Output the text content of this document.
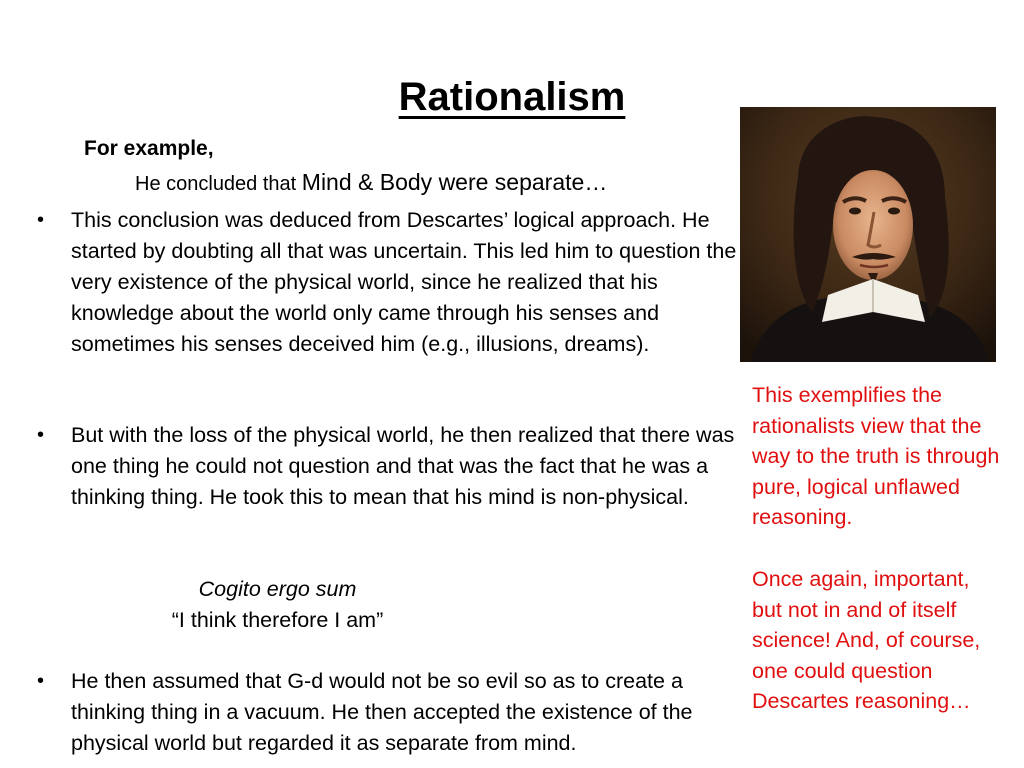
Rationalism
For example,
He concluded that Mind & Body were separate…
• This conclusion was deduced from Descartes’ logical approach. He started by doubting all that was uncertain. This led him to question the very existence of the physical world, since he realized that his knowledge about the world only came through his senses and sometimes his senses deceived him (e.g., illusions, dreams).
• But with the loss of the physical world, he then realized that there was one thing he could not question and that was the fact that he was a thinking thing. He took this to mean that his mind is non-physical.
Cogito ergo sum
“I think therefore I am”
• He then assumed that G-d would not be so evil so as to create a thinking thing in a vacuum. He then accepted the existence of the physical world but regarded it as separate from mind.
This exemplifies the rationalists view that the way to the truth is through pure, logical unflawed reasoning.
Once again, important, but not in and of itself science! And, of course, one could question Descartes reasoning…
